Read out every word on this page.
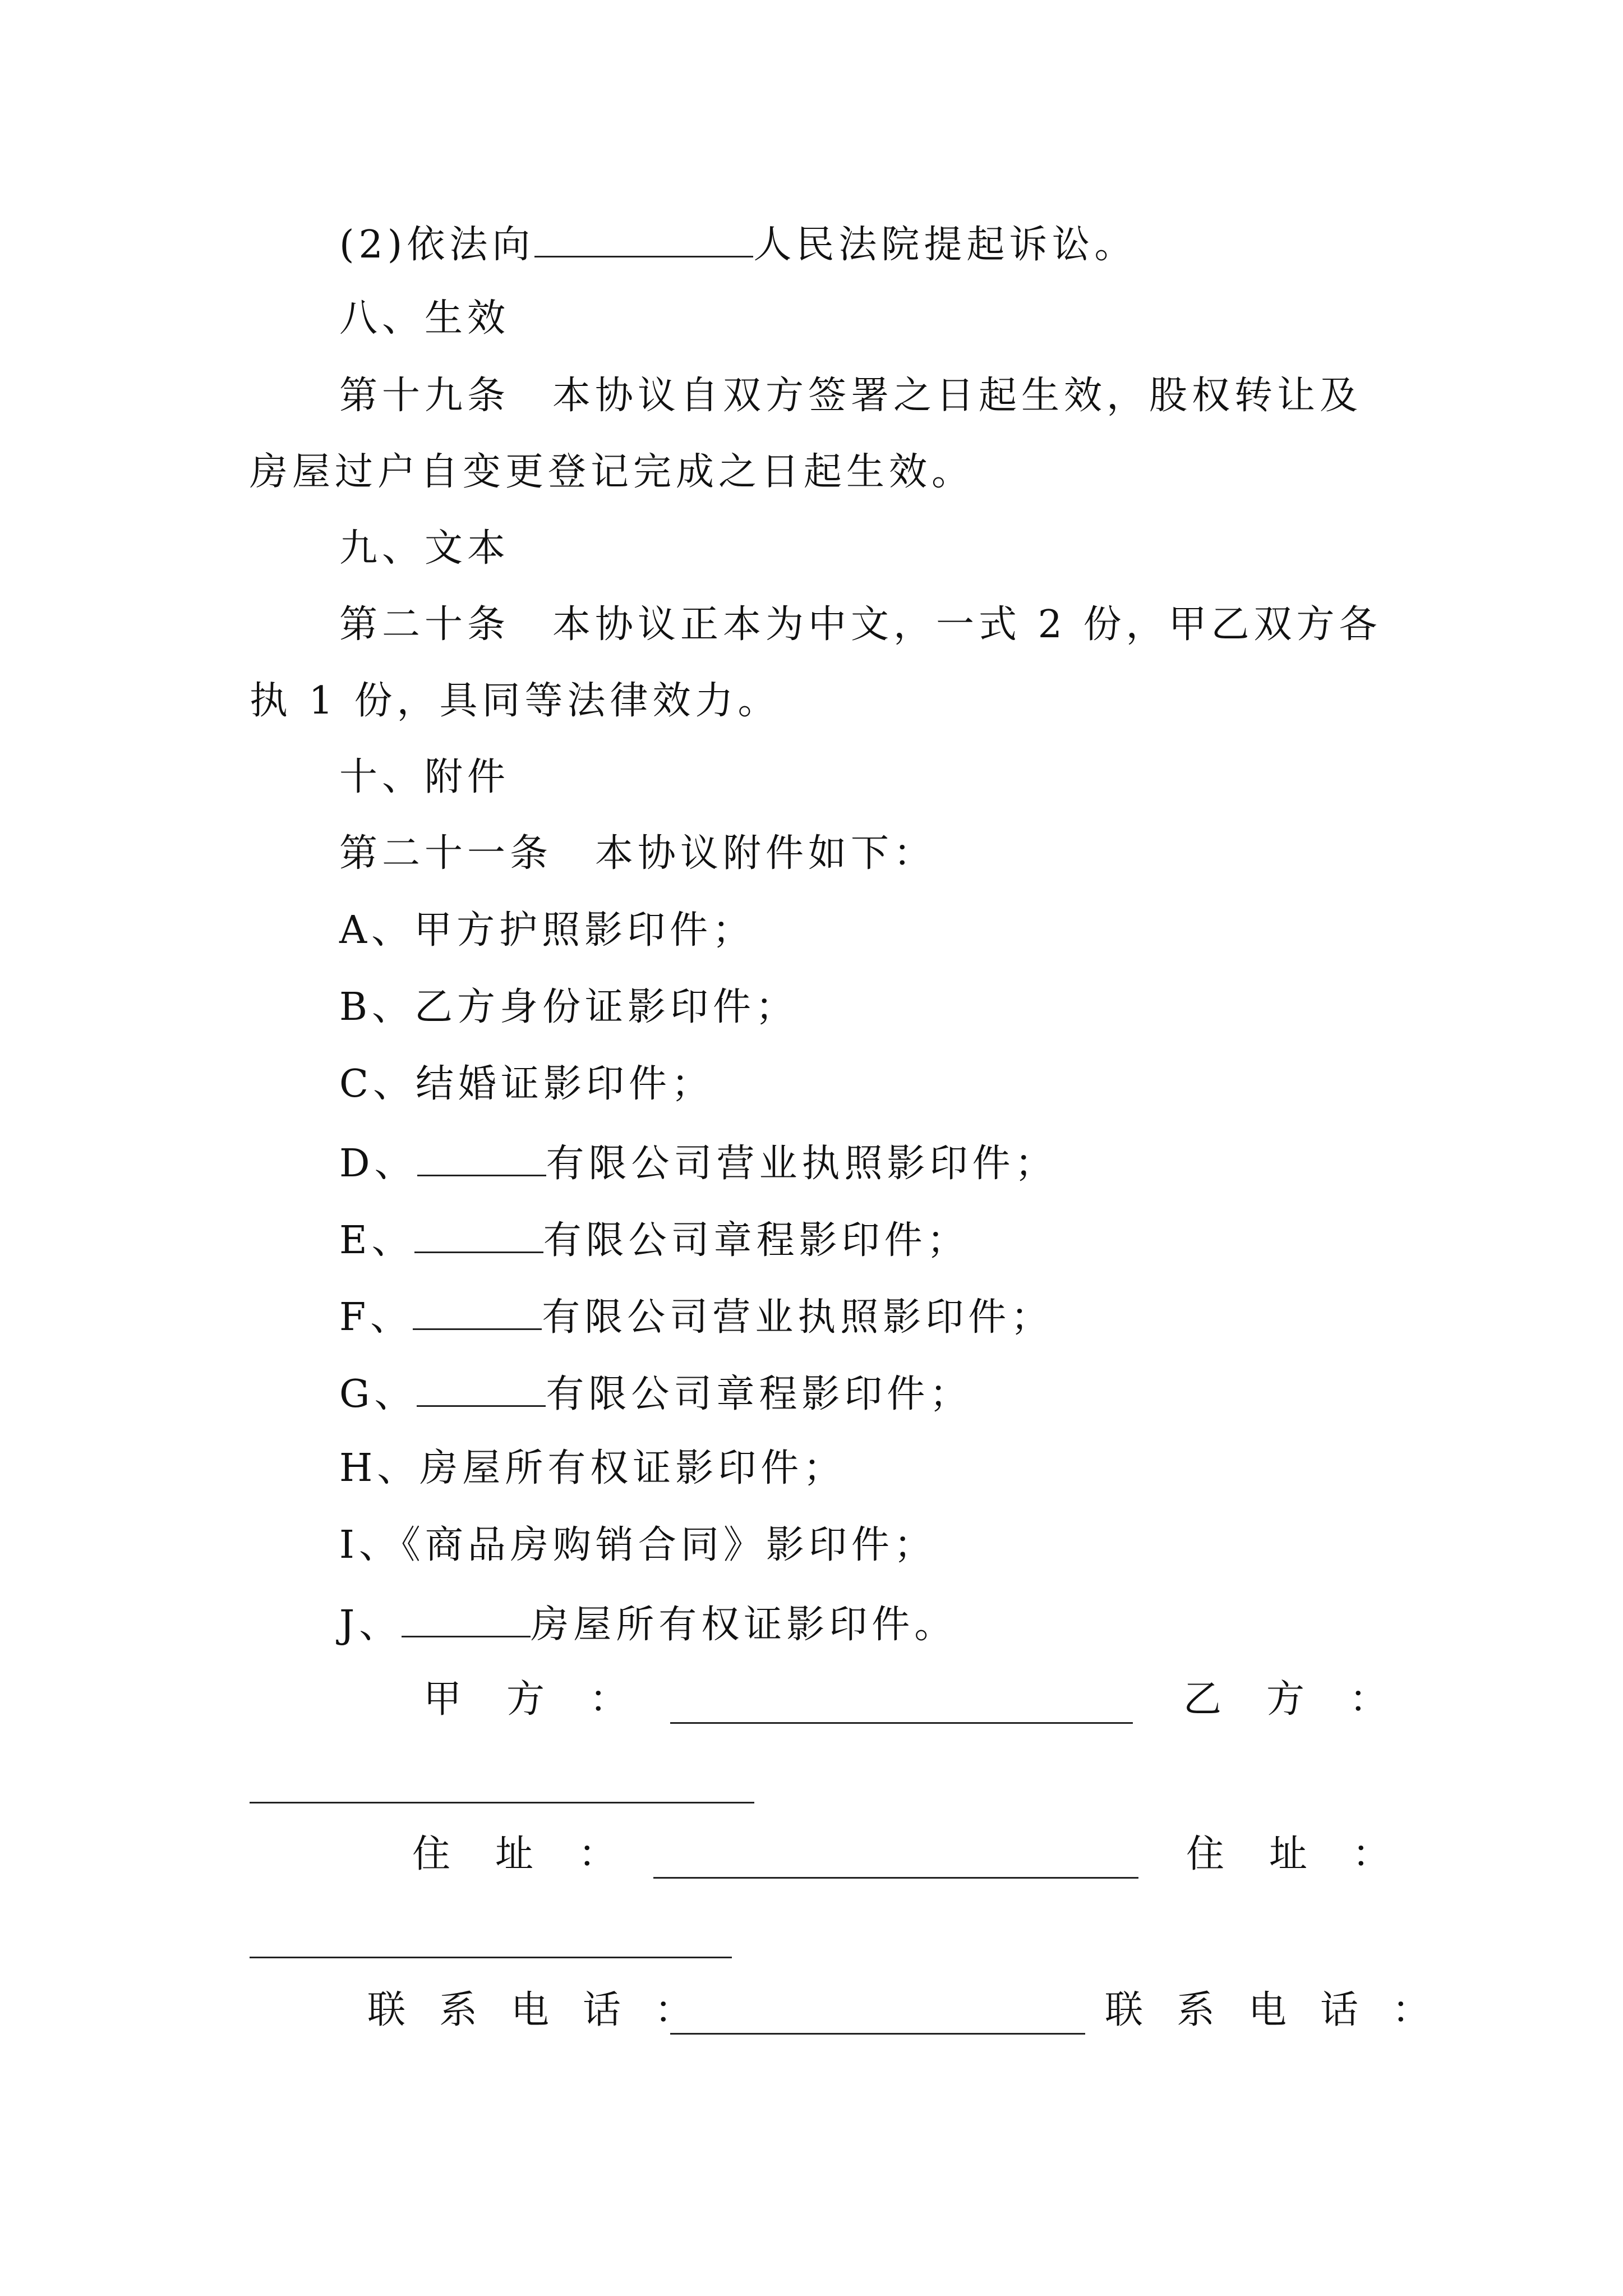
(2)依法向	人民法院提起诉讼。
八、生效
第十九条　本协议自双方签署之日起生效，股权转让及
房屋过户自变更登记完成之日起生效。
九、文本
第二十条　本协议正本为中文，一式 2 份，甲乙双方各
执 1 份，具同等法律效力。
十、附件
第二十一条　本协议附件如下：
A、甲方护照影印件；
B、乙方身份证影印件；
C、结婚证影印件；
D、	有限公司营业执照影印件；
E、	有限公司章程影印件；
F、	有限公司营业执照影印件；
G、	有限公司章程影印件；
H、房屋所有权证影印件；
I、《商品房购销合同》影印件；
J、	房屋所有权证影印件。
甲方：	乙方：
住址：	住址：
联系电话：	联系电话：
